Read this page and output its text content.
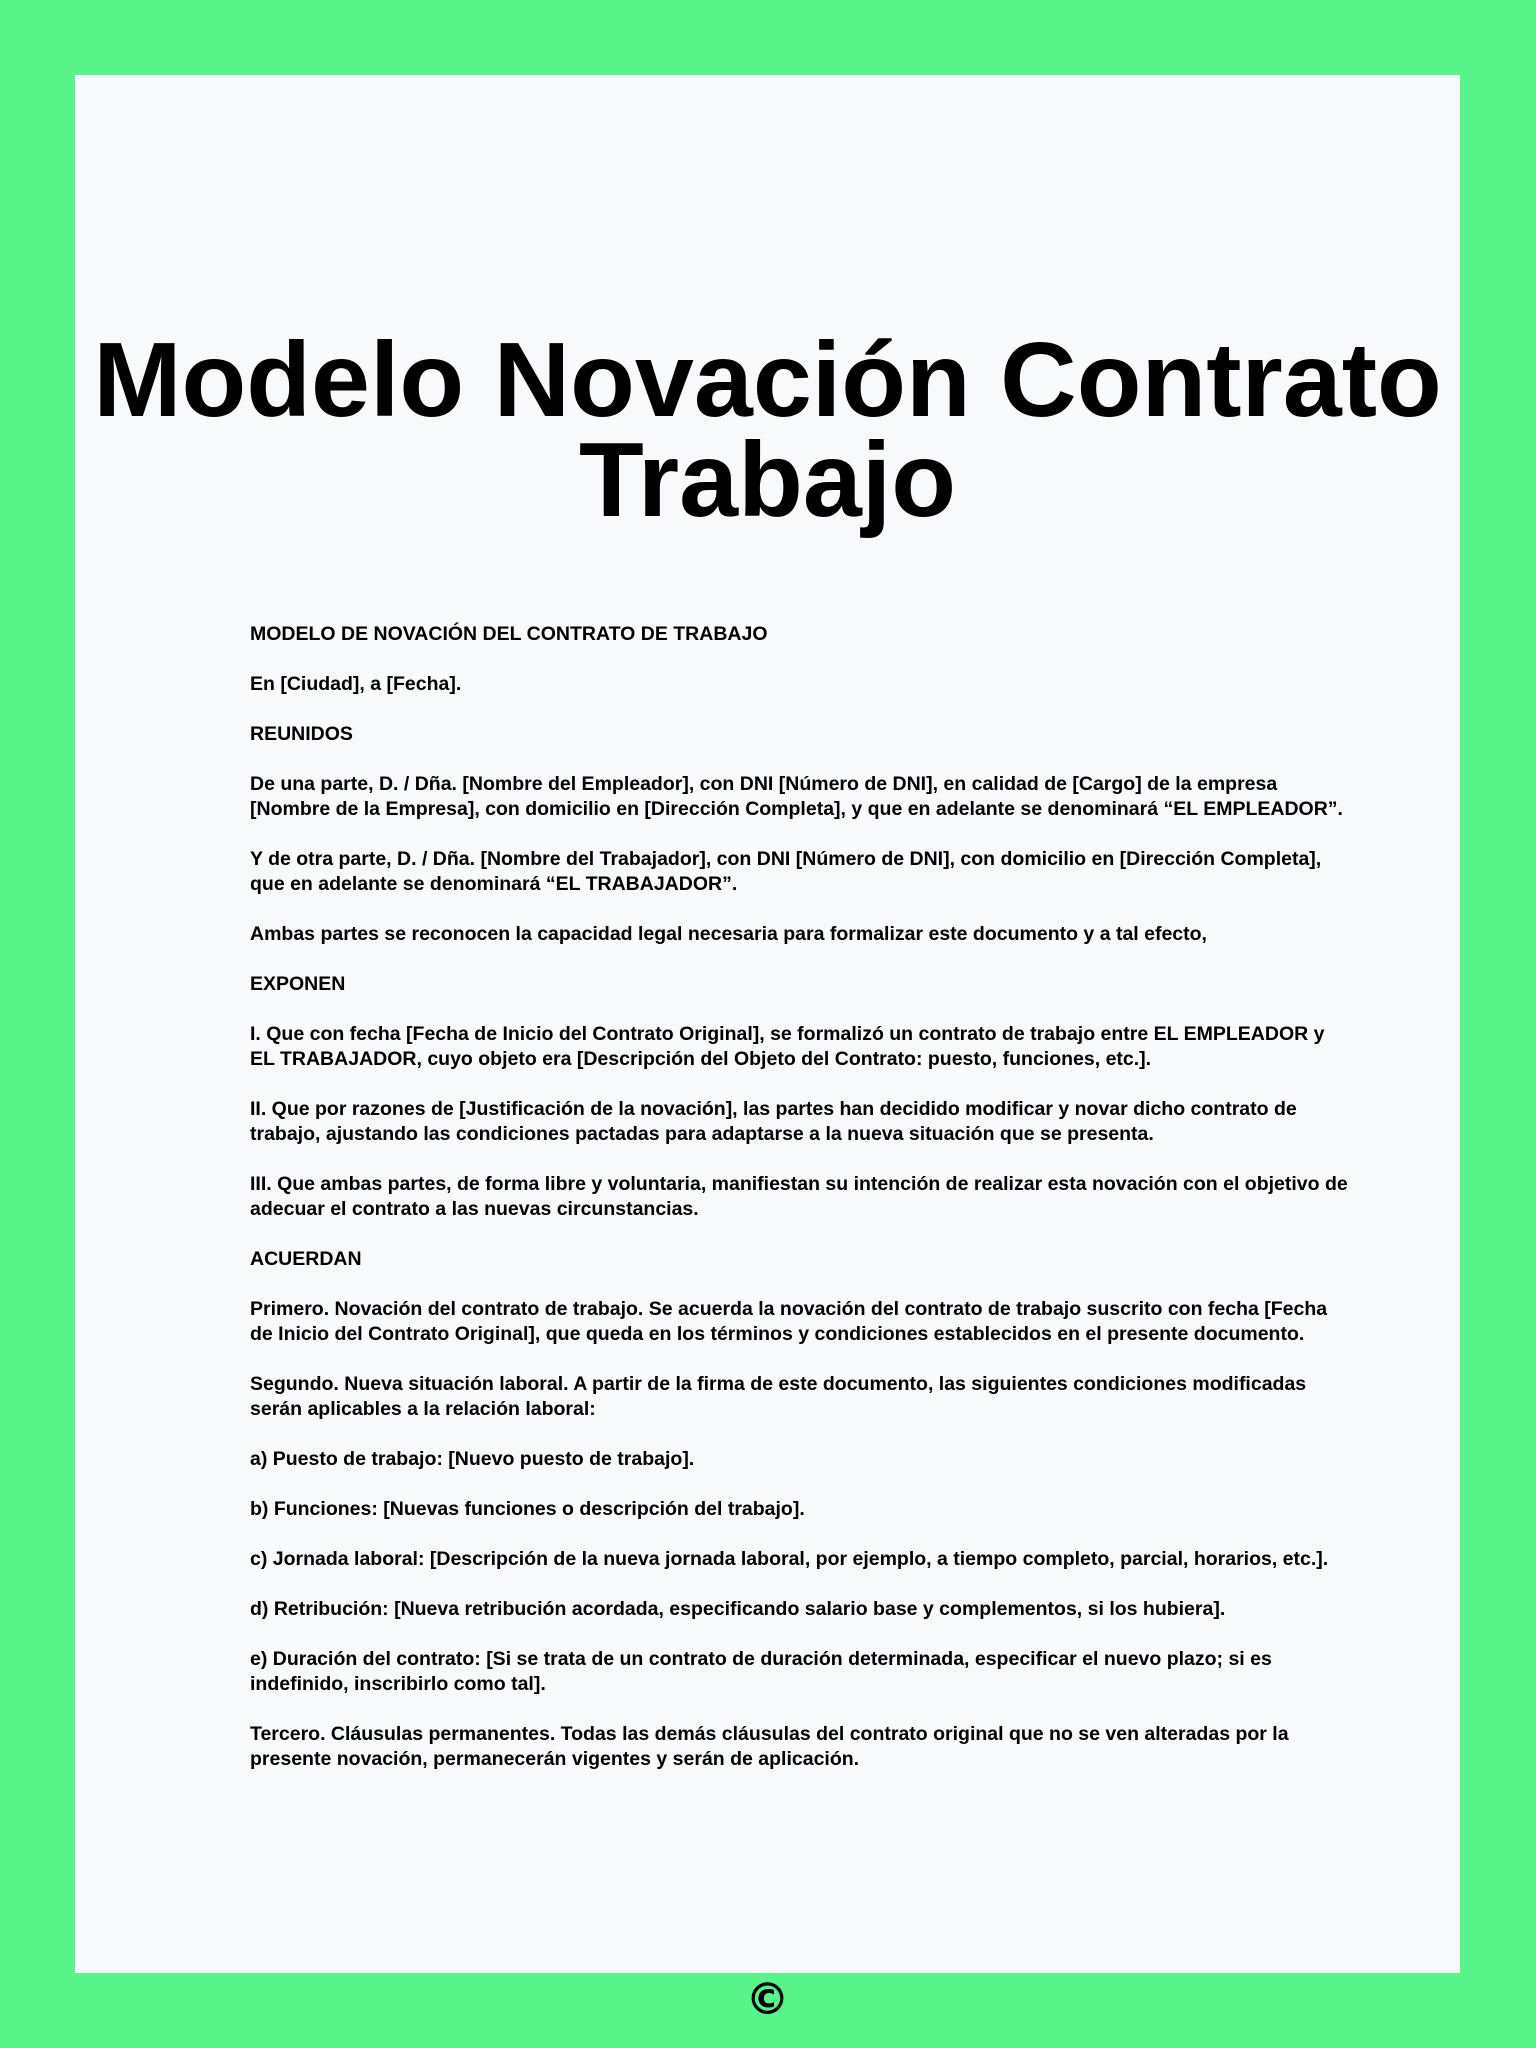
Modelo Novación Contrato Trabajo

MODELO DE NOVACIÓN DEL CONTRATO DE TRABAJO

En [Ciudad], a [Fecha].

REUNIDOS

De una parte, D. / Dña. [Nombre del Empleador], con DNI [Número de DNI], en calidad de [Cargo] de la empresa [Nombre de la Empresa], con domicilio en [Dirección Completa], y que en adelante se denominará “EL EMPLEADOR”.

Y de otra parte, D. / Dña. [Nombre del Trabajador], con DNI [Número de DNI], con domicilio en [Dirección Completa], que en adelante se denominará “EL TRABAJADOR”.

Ambas partes se reconocen la capacidad legal necesaria para formalizar este documento y a tal efecto,

EXPONEN

I. Que con fecha [Fecha de Inicio del Contrato Original], se formalizó un contrato de trabajo entre EL EMPLEADOR y EL TRABAJADOR, cuyo objeto era [Descripción del Objeto del Contrato: puesto, funciones, etc.].

II. Que por razones de [Justificación de la novación], las partes han decidido modificar y novar dicho contrato de trabajo, ajustando las condiciones pactadas para adaptarse a la nueva situación que se presenta.

III. Que ambas partes, de forma libre y voluntaria, manifiestan su intención de realizar esta novación con el objetivo de adecuar el contrato a las nuevas circunstancias.

ACUERDAN

Primero. Novación del contrato de trabajo. Se acuerda la novación del contrato de trabajo suscrito con fecha [Fecha de Inicio del Contrato Original], que queda en los términos y condiciones establecidos en el presente documento.

Segundo. Nueva situación laboral. A partir de la firma de este documento, las siguientes condiciones modificadas serán aplicables a la relación laboral:

a) Puesto de trabajo: [Nuevo puesto de trabajo].

b) Funciones: [Nuevas funciones o descripción del trabajo].

c) Jornada laboral: [Descripción de la nueva jornada laboral, por ejemplo, a tiempo completo, parcial, horarios, etc.].

d) Retribución: [Nueva retribución acordada, especificando salario base y complementos, si los hubiera].

e) Duración del contrato: [Si se trata de un contrato de duración determinada, especificar el nuevo plazo; si es indefinido, inscribirlo como tal].

Tercero. Cláusulas permanentes. Todas las demás cláusulas del contrato original que no se ven alteradas por la presente novación, permanecerán vigentes y serán de aplicación.

©
